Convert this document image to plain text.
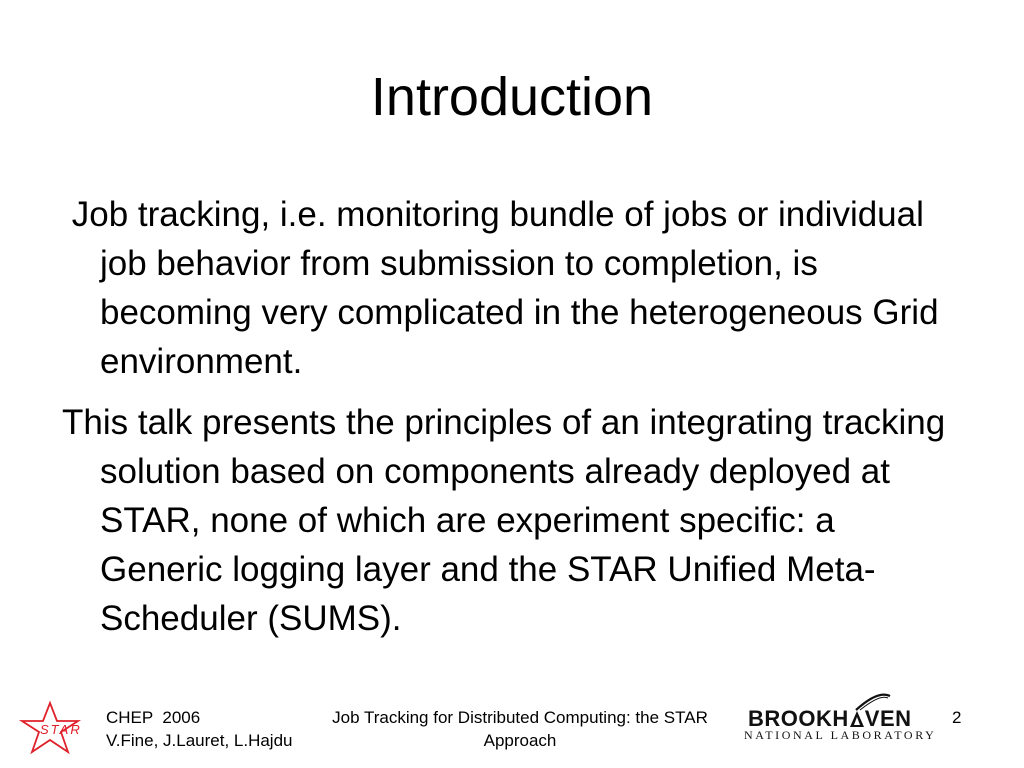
Introduction

Job tracking, i.e. monitoring bundle of jobs or individual job behavior from submission to completion, is becoming very complicated in the heterogeneous Grid environment.

This talk presents the principles of an integrating tracking solution based on components already deployed at STAR, none of which are experiment specific: a Generic logging layer and the STAR Unified Meta-Scheduler (SUMS).

STAR
CHEP  2006
V.Fine, J.Lauret, L.Hajdu
Job Tracking for Distributed Computing: the STAR
Approach
BROOKH VEN
NATIONAL LABORATORY
2
